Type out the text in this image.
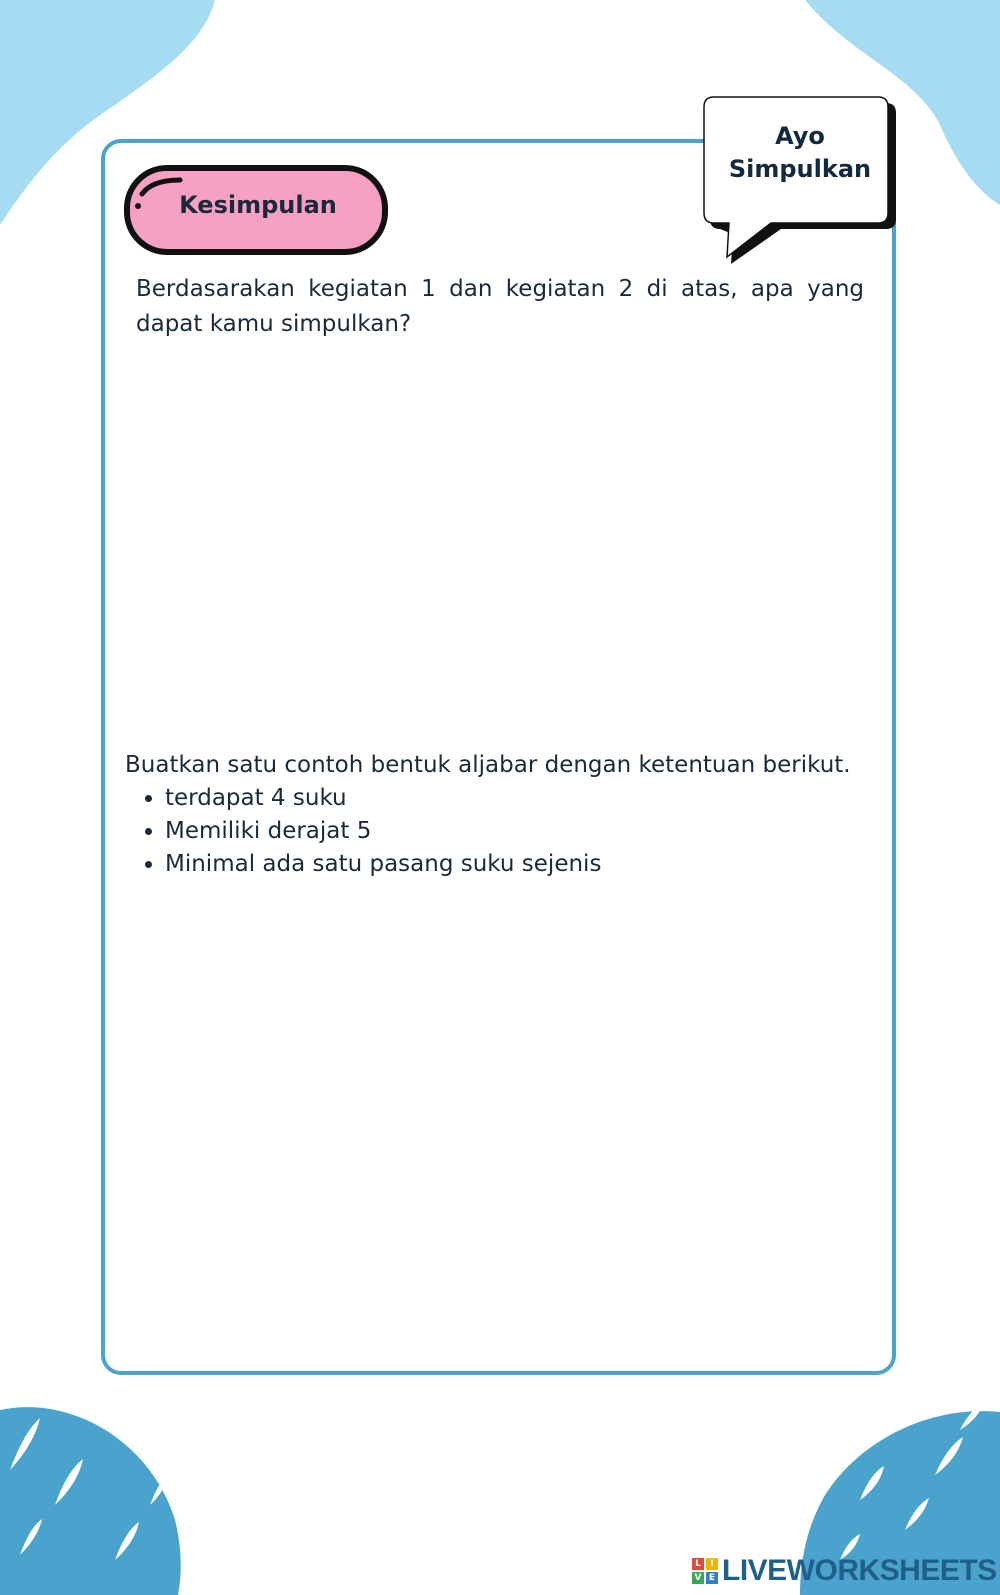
Kesimpulan
Ayo
Simpulkan
Berdasarakan kegiatan 1 dan kegiatan 2 di atas, apa yang dapat kamu simpulkan?
Buatkan satu contoh bentuk aljabar dengan ketentuan berikut.
• terdapat 4 suku
• Memiliki derajat 5
• Minimal ada satu pasang suku sejenis
L	I
V E LIVEWORKSHEETS
